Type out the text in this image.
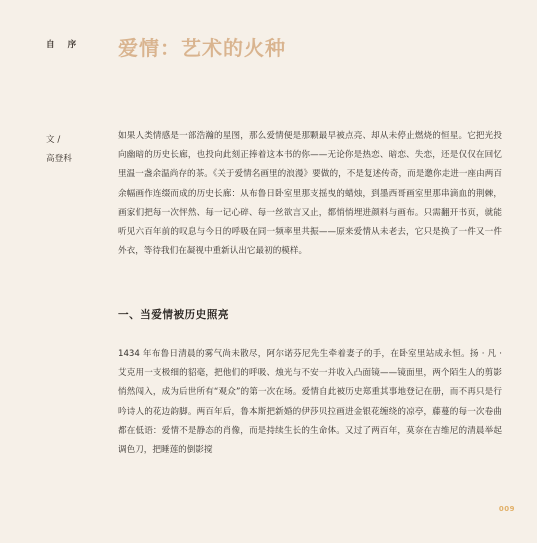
自 序 爱情：艺术的火种
文 /
高登科
如果人类情感是一部浩瀚的星图，那么爱情便是那颗最早被点亮、却从未停止燃烧的恒星。它把光投向幽暗的历史长廊，也投向此刻正捧着这本书的你——无论你是热恋、暗恋、失恋，还是仅仅在回忆里温一盏余温尚存的茶。《关于爱情名画里的浪漫》要做的，不是复述传奇，而是邀你走进一座由两百余幅画作连缀而成的历史长廊：从布鲁日卧室里那支摇曳的蜡烛，到墨西哥画室里那串滴血的荆棘，画家们把每一次怦然、每一记心碎、每一丝欲言又止，都悄悄埋进颜料与画布。只需翻开书页，就能听见六百年前的叹息与今日的呼吸在同一频率里共振——原来爱情从未老去，它只是换了一件又一件外衣，等待我们在凝视中重新认出它最初的模样。
一、当爱情被历史照亮
1434 年布鲁日清晨的雾气尚未散尽，阿尔诺芬尼先生牵着妻子的手，在卧室里站成永恒。扬 · 凡 · 艾克用一支极细的貂毫，把他们的呼吸、烛光与不安一并收入凸面镜——镜面里，两个陌生人的剪影悄然闯入，成为后世所有“观众”的第一次在场。爱情自此被历史郑重其事地登记在册，而不再只是行吟诗人的花边韵脚。两百年后，鲁本斯把新婚的伊莎贝拉画进金银花缠绕的凉亭，藤蔓的每一次卷曲都在低语：爱情不是静态的肖像，而是持续生长的生命体。又过了两百年，莫奈在吉维尼的清晨举起调色刀，把睡莲的倒影搅
009
